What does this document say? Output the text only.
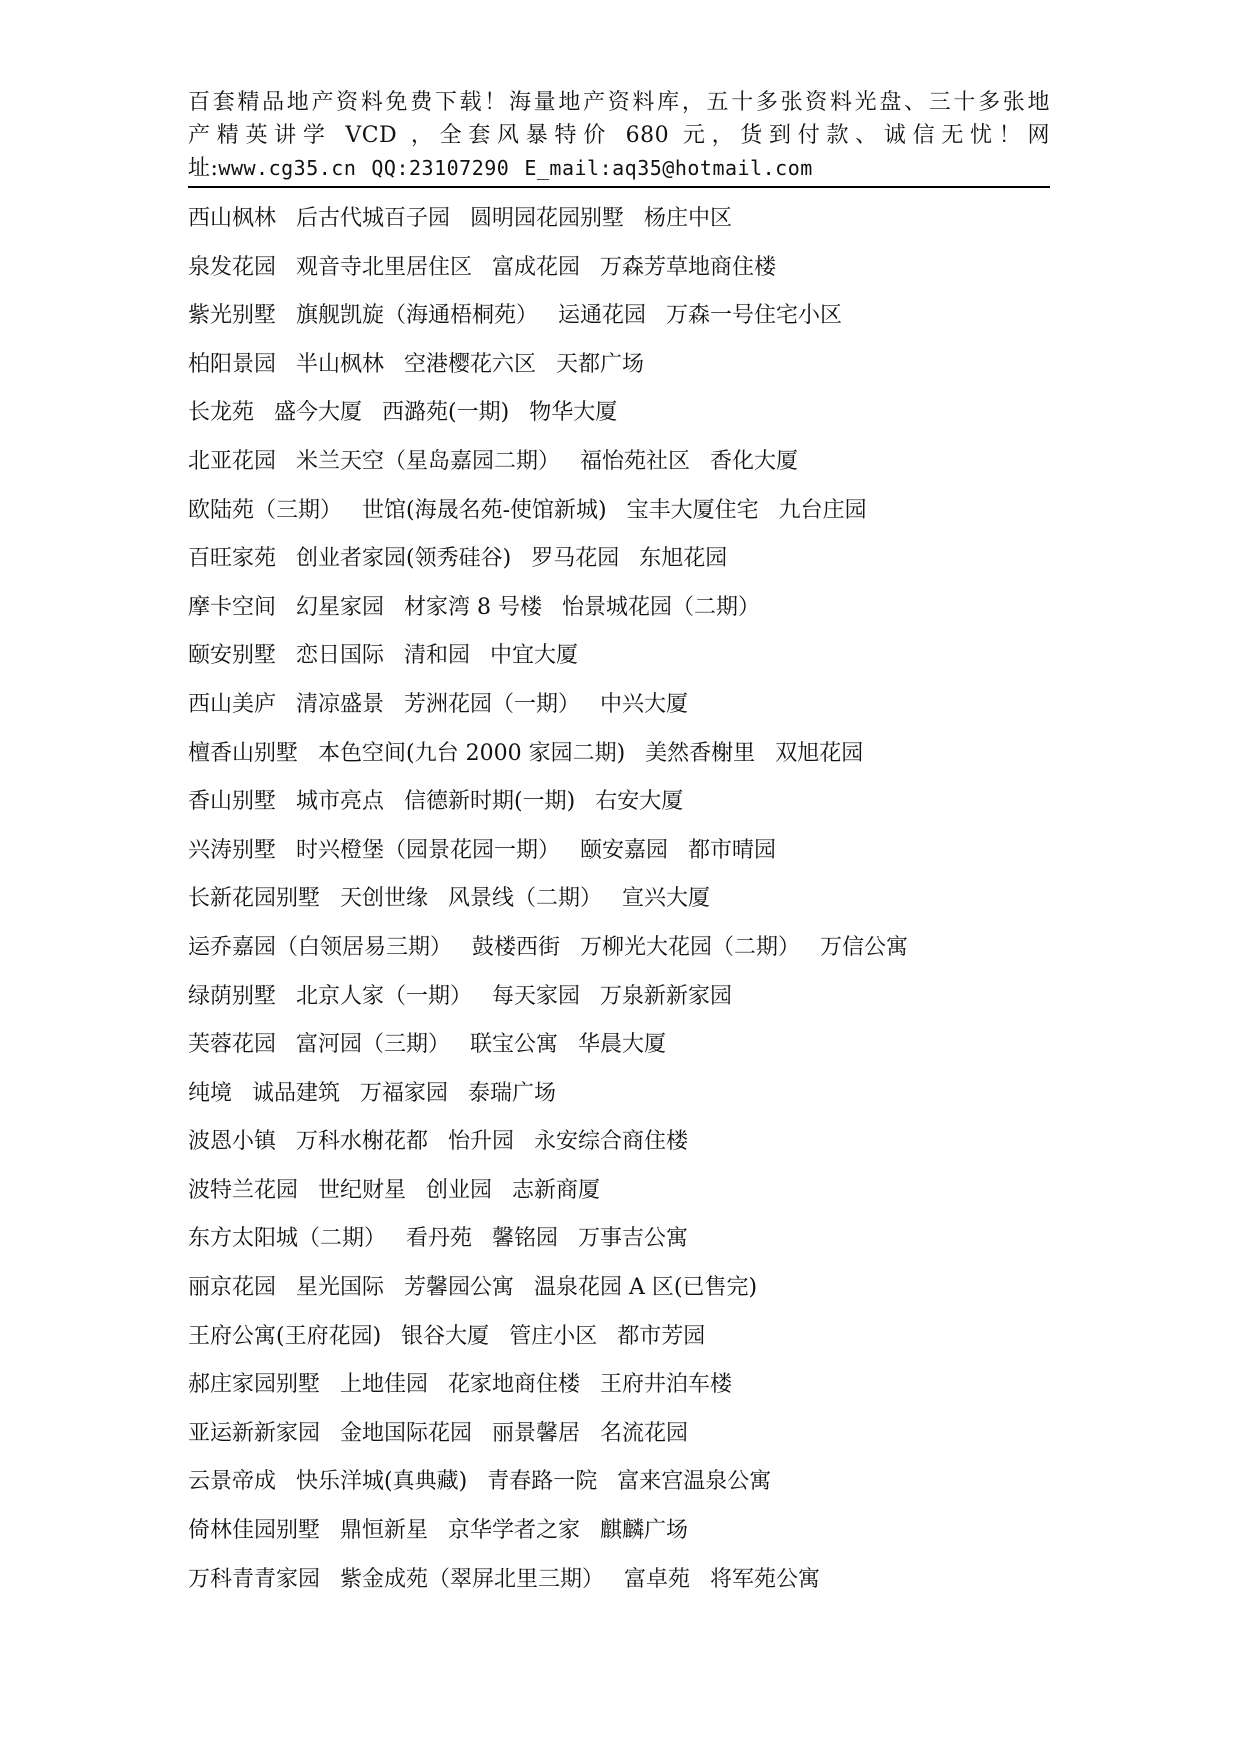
百套精品地产资料免费下载！海量地产资料库，五十多张资料光盘、三十多张地
产精英讲学 VCD ，全套风暴特价 680 元，货到付款、诚信无忧！网
址:www.cg35.cn QQ:23107290 E_mail:aq35@hotmail.com
西山枫林 后古代城百子园 圆明园花园别墅 杨庄中区
泉发花园 观音寺北里居住区 富成花园 万森芳草地商住楼
紫光别墅 旗舰凯旋（海通梧桐苑） 运通花园 万森一号住宅小区
柏阳景园 半山枫林 空港樱花六区 天都广场
长龙苑 盛今大厦 西潞苑(一期) 物华大厦
北亚花园 米兰天空（星岛嘉园二期） 福怡苑社区 香化大厦
欧陆苑（三期） 世馆(海晟名苑-使馆新城) 宝丰大厦住宅 九台庄园
百旺家苑 创业者家园(领秀硅谷) 罗马花园 东旭花园
摩卡空间 幻星家园 材家湾 8 号楼 怡景城花园（二期）
颐安别墅 恋日国际 清和园 中宜大厦
西山美庐 清凉盛景 芳洲花园（一期） 中兴大厦
檀香山别墅 本色空间(九台 2000 家园二期) 美然香榭里 双旭花园
香山别墅 城市亮点 信德新时期(一期) 右安大厦
兴涛别墅 时兴橙堡（园景花园一期） 颐安嘉园 都市晴园
长新花园别墅 天创世缘 风景线（二期） 宣兴大厦
运乔嘉园（白领居易三期） 鼓楼西街 万柳光大花园（二期） 万信公寓
绿荫别墅 北京人家（一期） 每天家园 万泉新新家园
芙蓉花园 富河园（三期） 联宝公寓 华晨大厦
纯境 诚品建筑 万福家园 泰瑞广场
波恩小镇 万科水榭花都 怡升园 永安综合商住楼
波特兰花园 世纪财星 创业园 志新商厦
东方太阳城（二期） 看丹苑 馨铭园 万事吉公寓
丽京花园 星光国际 芳馨园公寓 温泉花园 A 区(已售完)
王府公寓(王府花园) 银谷大厦 管庄小区 都市芳园
郝庄家园别墅 上地佳园 花家地商住楼 王府井泊车楼
亚运新新家园 金地国际花园 丽景馨居 名流花园
云景帝成 快乐洋城(真典藏) 青春路一院 富来宫温泉公寓
倚林佳园别墅 鼎恒新星 京华学者之家 麒麟广场
万科青青家园 紫金成苑（翠屏北里三期） 富卓苑 将军苑公寓
